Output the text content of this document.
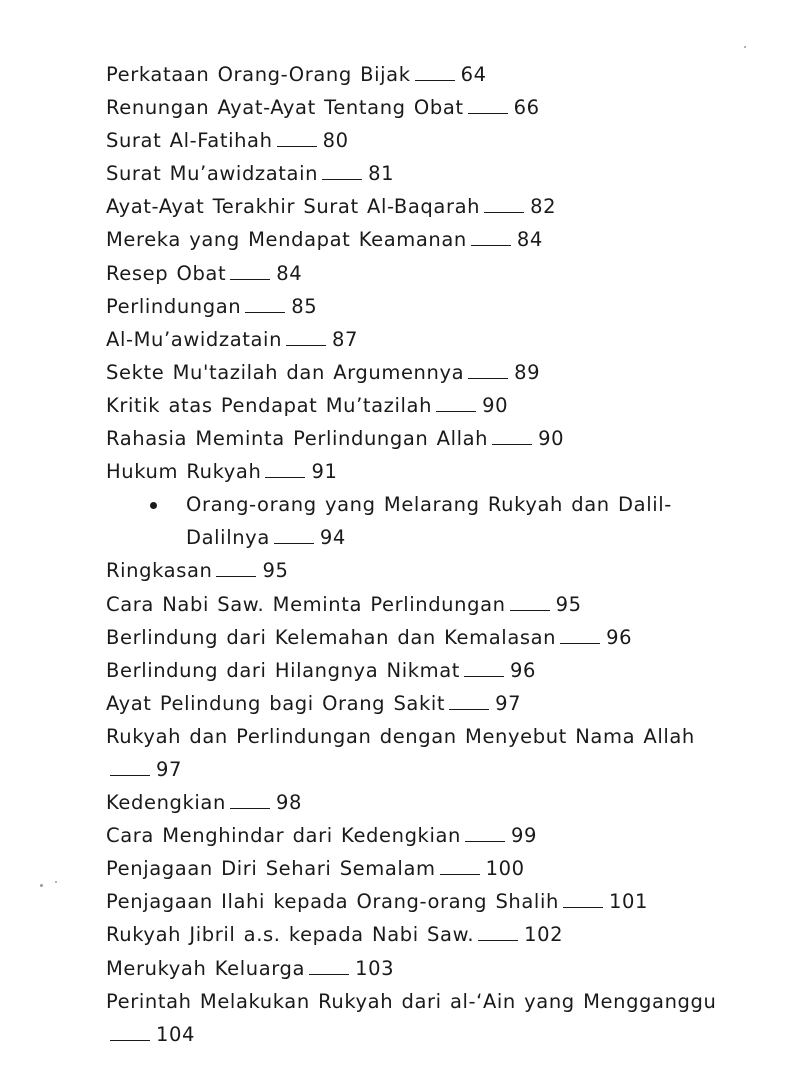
Perkataan Orang-Orang Bijak	64
Renungan Ayat-Ayat Tentang Obat	66
Surat Al-Fatihah	80
Surat Mu’awidzatain	81
Ayat-Ayat Terakhir Surat Al-Baqarah	82
Mereka yang Mendapat Keamanan	84
Resep Obat	84
Perlindungan	85
Al-Mu’awidzatain	87
Sekte Mu'tazilah dan Argumennya	89
Kritik atas Pendapat Mu’tazilah	90
Rahasia Meminta Perlindungan Allah	90
Hukum Rukyah	91
Orang-orang yang Melarang Rukyah dan Dalil-Dalilnya	94
Ringkasan	95
Cara Nabi Saw. Meminta Perlindungan	95
Berlindung dari Kelemahan dan Kemalasan	96
Berlindung dari Hilangnya Nikmat	96
Ayat Pelindung bagi Orang Sakit	97
Rukyah dan Perlindungan dengan Menyebut Nama Allah 97
Kedengkian	98
Cara Menghindar dari Kedengkian	99
Penjagaan Diri Sehari Semalam	100
Penjagaan Ilahi kepada Orang-orang Shalih	101
Rukyah Jibril a.s. kepada Nabi Saw.	102
Merukyah Keluarga	103
Perintah Melakukan Rukyah dari al-‘Ain yang Mengganggu 104
